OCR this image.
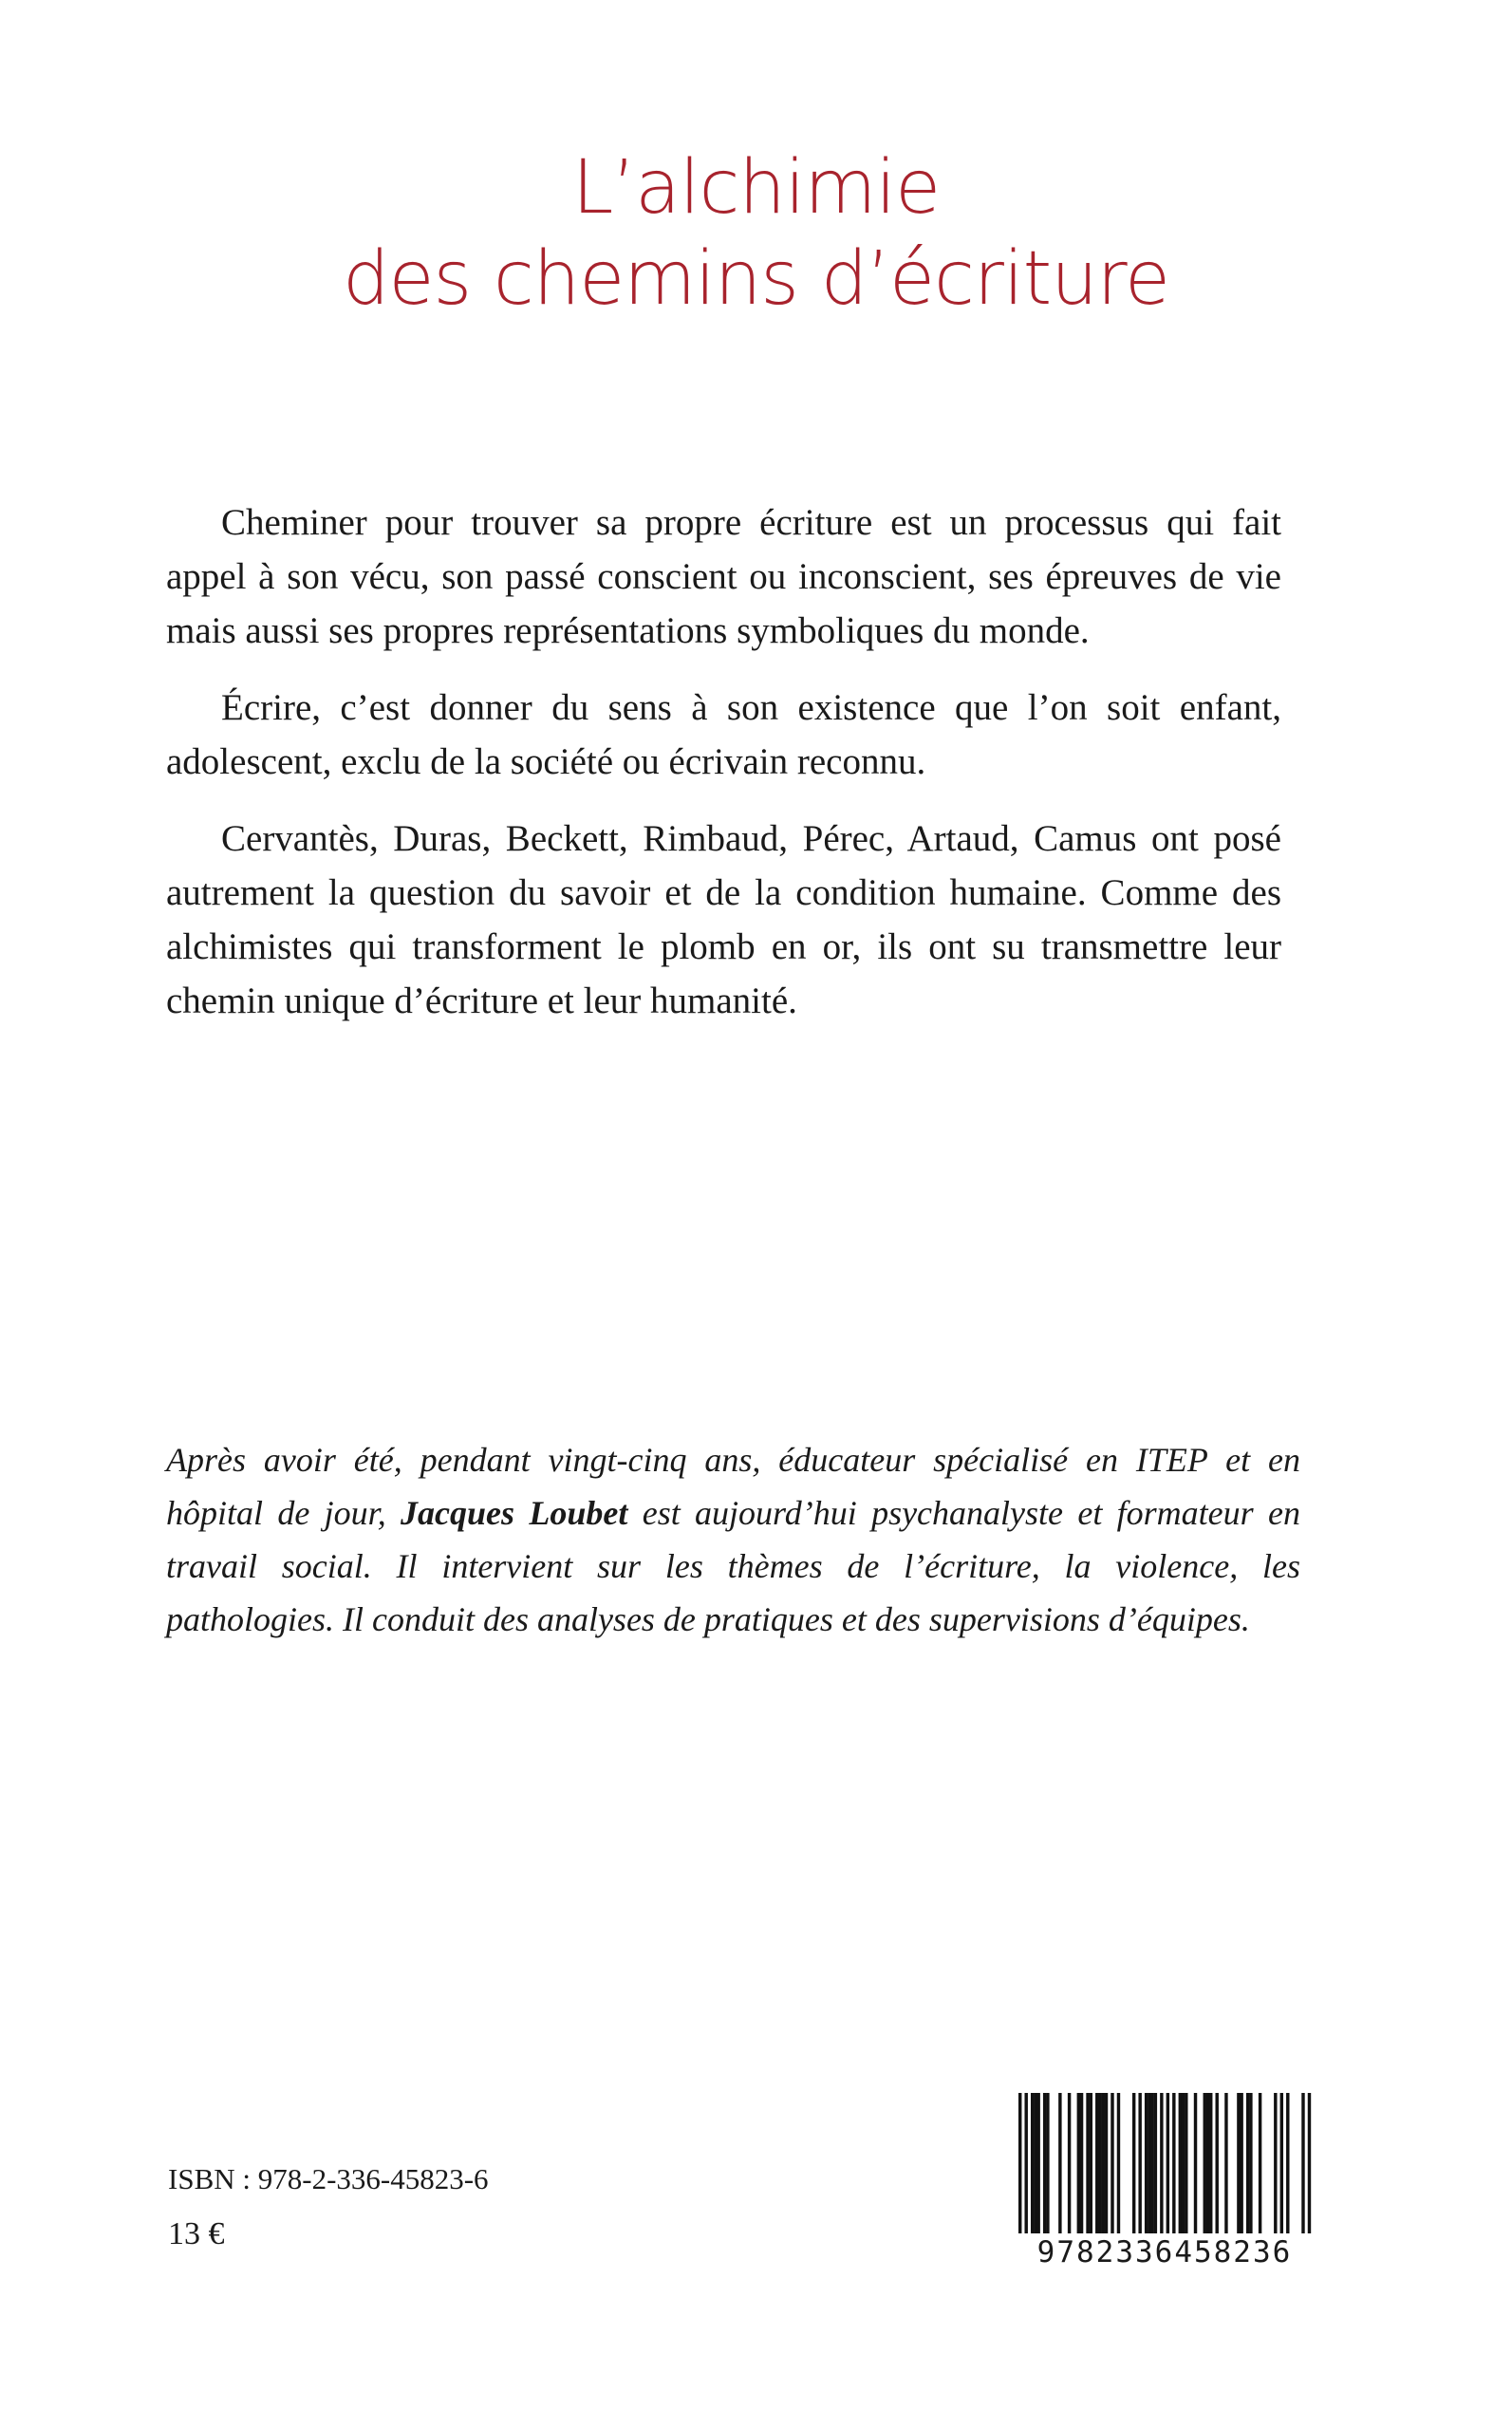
L’alchimie
des chemins d’écriture

Cheminer pour trouver sa propre écriture est un processus qui fait appel à son vécu, son passé conscient ou inconscient, ses épreuves de vie mais aussi ses propres représentations symboliques du monde.

Écrire, c’est donner du sens à son existence que l’on soit enfant, adolescent, exclu de la société ou écrivain reconnu.

Cervantès, Duras, Beckett, Rimbaud, Pérec, Artaud, Camus ont posé autrement la question du savoir et de la condition humaine. Comme des alchimistes qui transforment le plomb en or, ils ont su transmettre leur chemin unique d’écriture et leur humanité.

Après avoir été, pendant vingt-cinq ans, éducateur spécialisé en ITEP et en hôpital de jour, Jacques Loubet est aujourd’hui psychanalyste et formateur en travail social. Il intervient sur les thèmes de l’écriture, la violence, les pathologies. Il conduit des analyses de pratiques et des supervisions d’équipes.
ISBN : 978-2-336-45823-6
13 €
9782336458236
